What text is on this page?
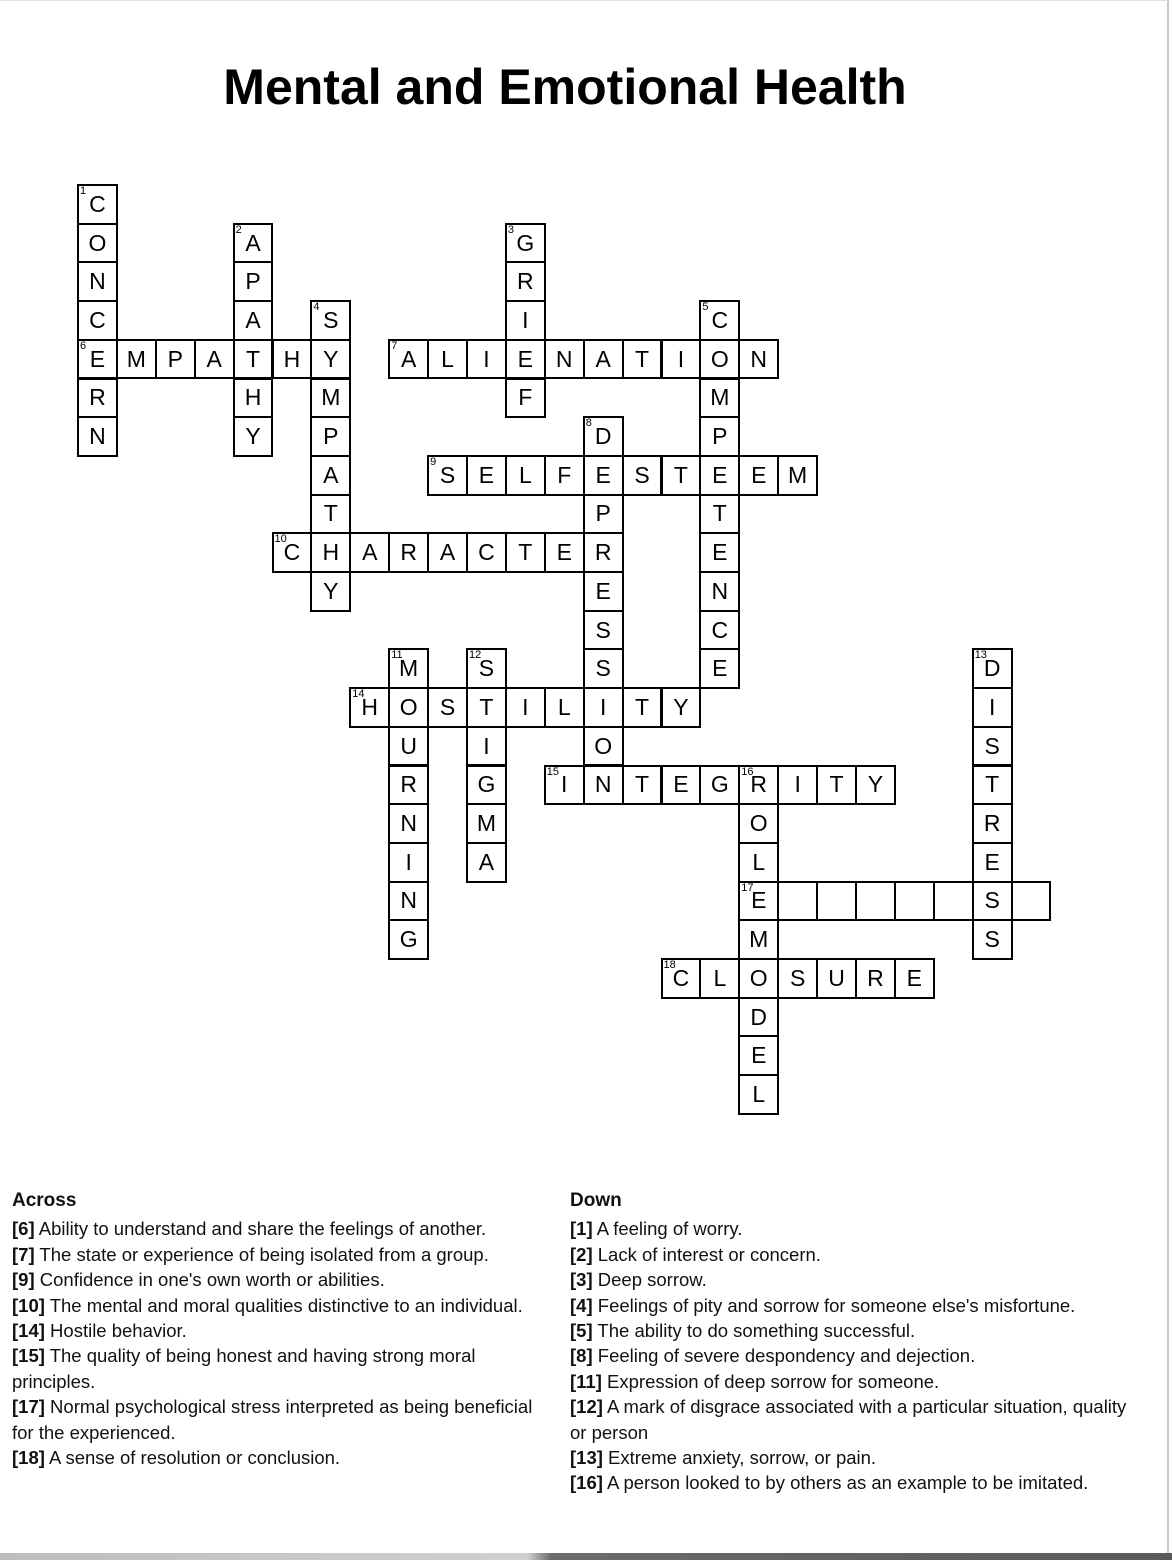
Mental and Emotional Health
1 C
O
N
C
6 E
R
N
2 A
P
A
T
H
Y
3 G
R
I
E
F
4 S
Y
M
P
A
T
H
Y
5 C
O
M
P
E
T
E
N
C
E
M P	A	H	7 A	L	I	N A	T	I	N
8 D
E
P
R
E
S
S
I
O
N
9 S	E	L	F	S	T	E M
10
C	A R A C	T	E
11
M
O
U
R
N
I
N
G
12
S
T
I
G
M
A
13
D
I
S
T
R
E
S
S
14
H	S	I	L	T	Y
15 I	T	E G	16
R	I	T	Y
O
L
17
E
M
O
D
E
L
18
C	L	S U R E
Across

[6] Ability to understand and share the feelings of another.

[7] The state or experience of being isolated from a group.

[9] Confidence in one's own worth or abilities.

[10] The mental and moral qualities distinctive to an individual.

[14] Hostile behavior.

[15] The quality of being honest and having strong moral principles.

[17] Normal psychological stress interpreted as being beneficial for the experienced.

[18] A sense of resolution or conclusion.

Down

[1] A feeling of worry.

[2] Lack of interest or concern.

[3] Deep sorrow.

[4] Feelings of pity and sorrow for someone else's misfortune.

[5] The ability to do something successful.

[8] Feeling of severe despondency and dejection.

[11] Expression of deep sorrow for someone.

[12] A mark of disgrace associated with a particular situation, quality or person

[13] Extreme anxiety, sorrow, or pain.

[16] A person looked to by others as an example to be imitated.
